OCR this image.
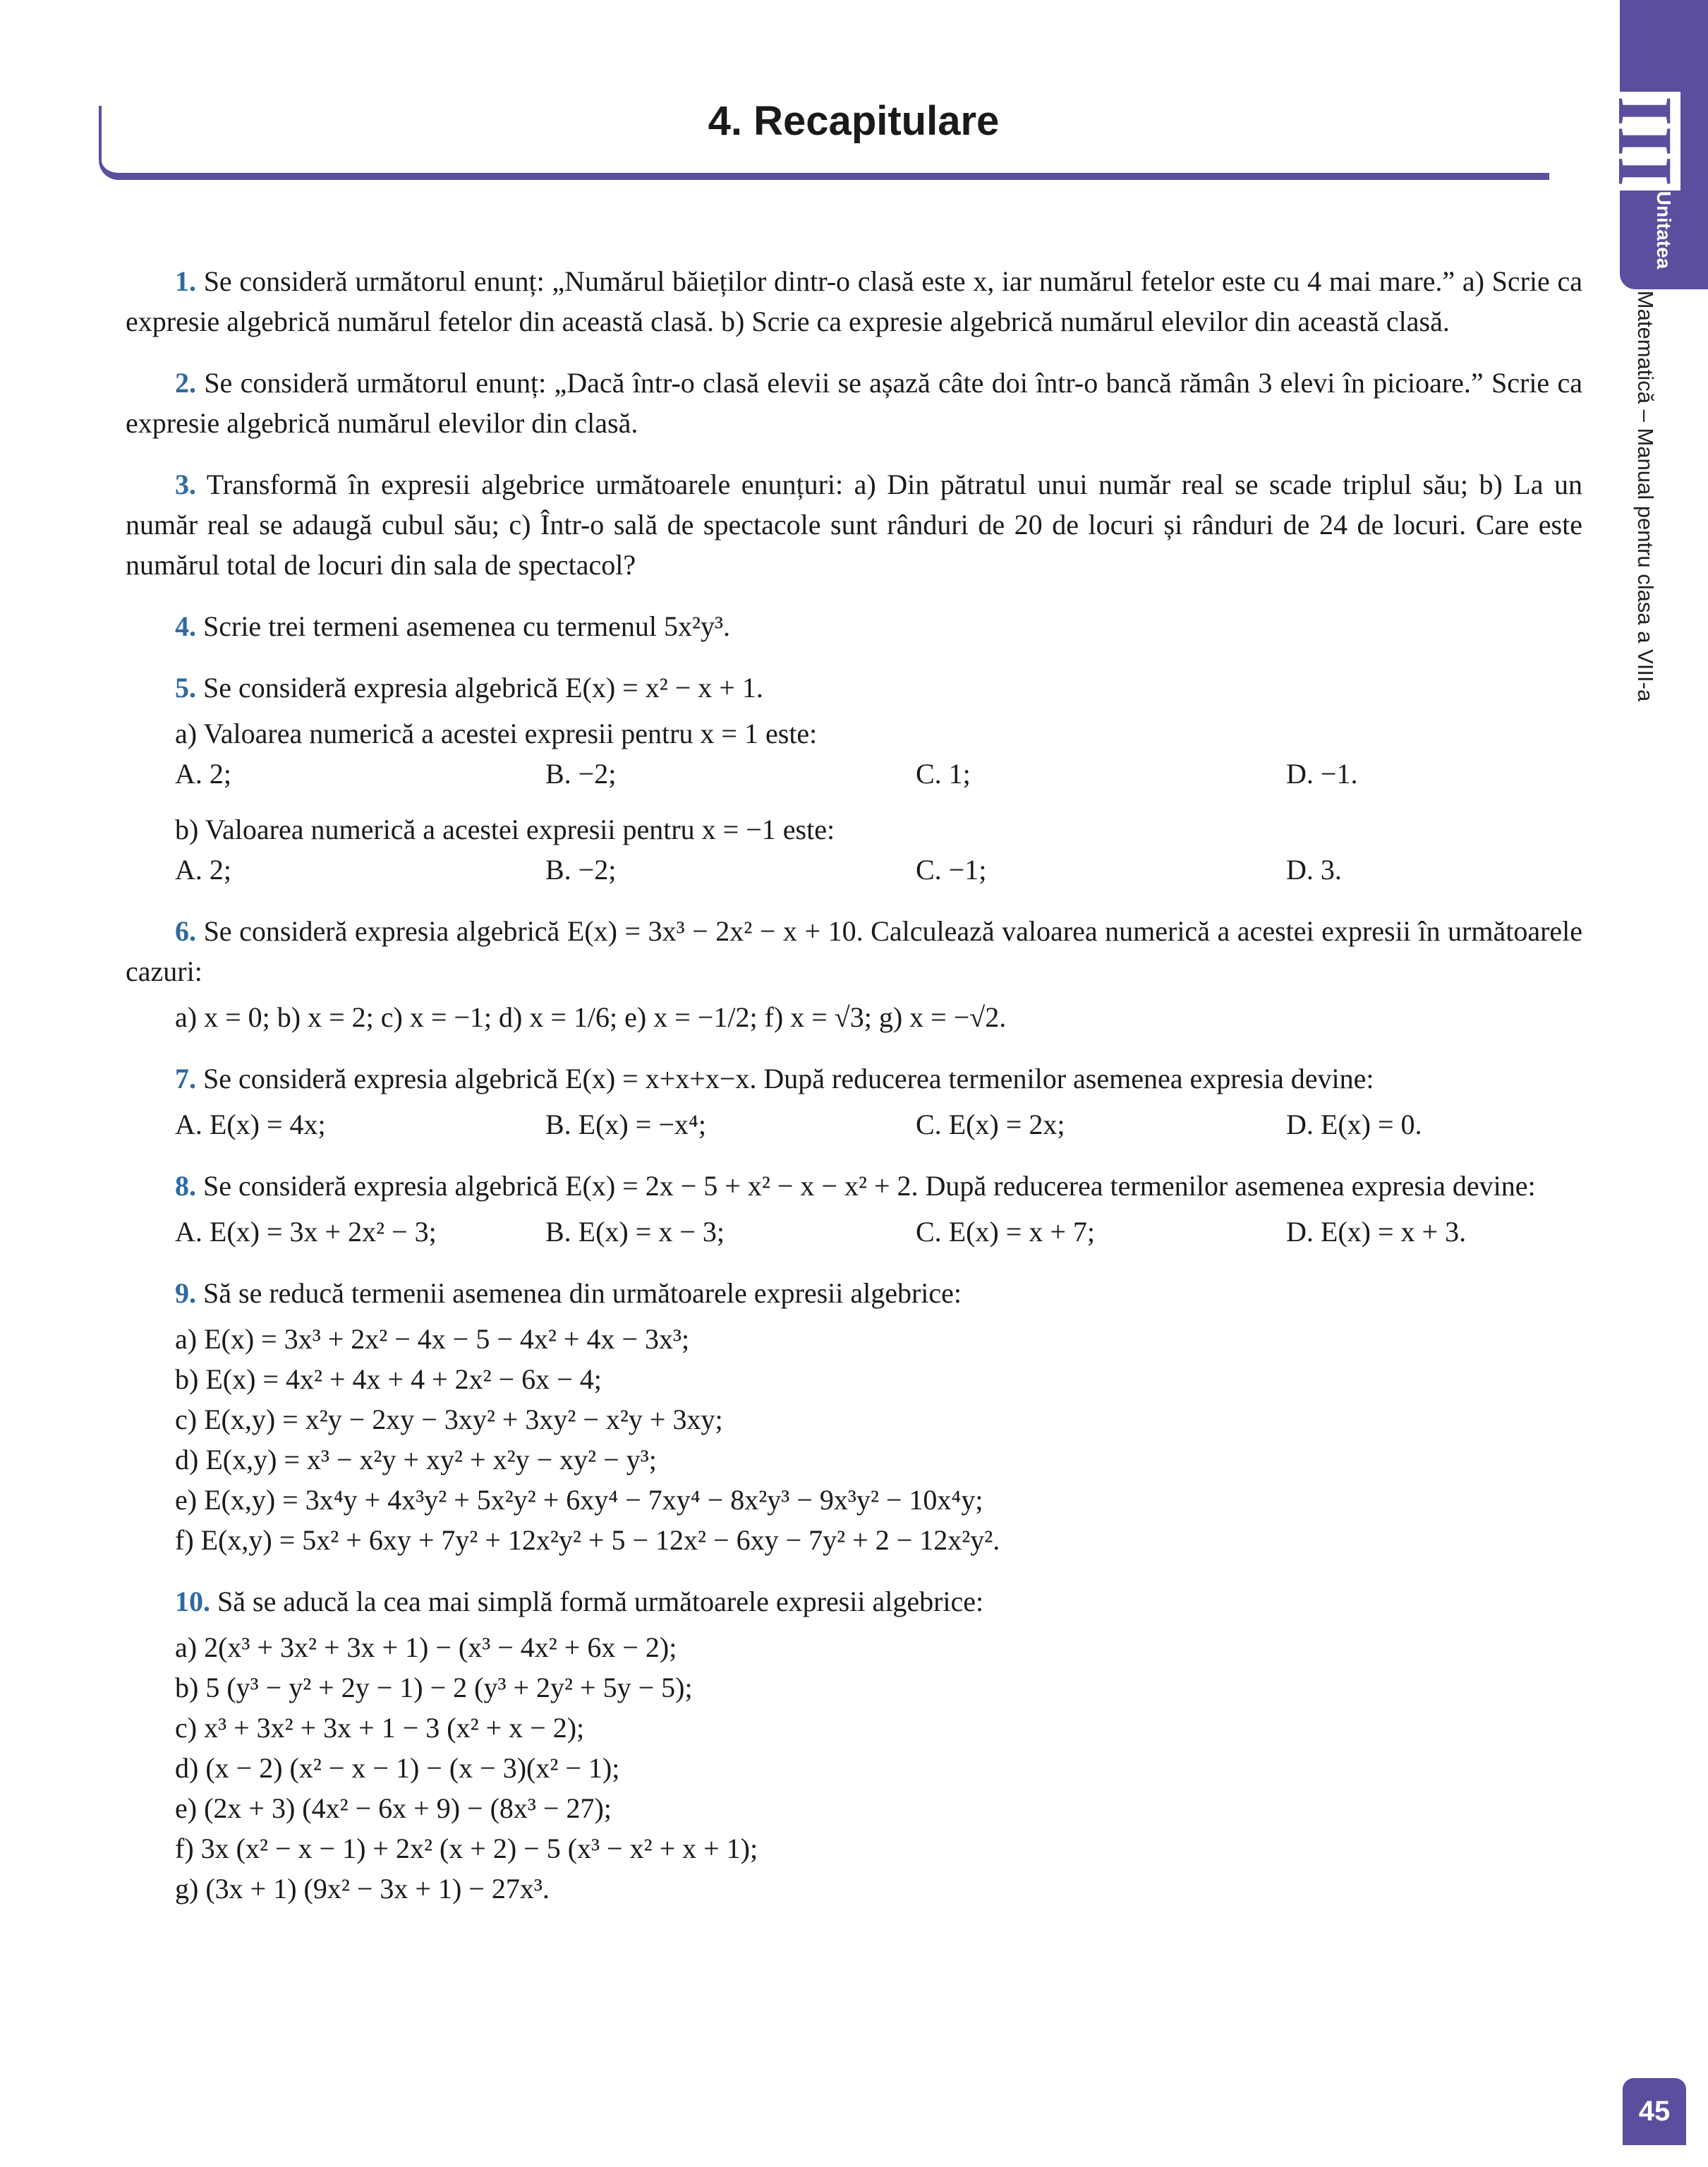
4. Recapitulare	III
Unitatea
Matematică – Manual pentru clasa a VIII-a
45

1. Se consideră următorul enunț: „Numărul băieților dintr-o clasă este x, iar numărul fetelor este cu 4 mai mare.” a) Scrie ca expresie algebrică numărul fetelor din această clasă. b) Scrie ca expresie algebrică numărul elevilor din această clasă.

2. Se consideră următorul enunț: „Dacă într-o clasă elevii se așază câte doi într-o bancă rămân 3 elevi în picioare.” Scrie ca expresie algebrică numărul elevilor din clasă.

3. Transformă în expresii algebrice următoarele enunțuri: a) Din pătratul unui număr real se scade triplul său; b) La un număr real se adaugă cubul său; c) Într-o sală de spectacole sunt rânduri de 20 de locuri și rânduri de 24 de locuri. Care este numărul total de locuri din sala de spectacol?

4. Scrie trei termeni asemenea cu termenul 5x²y³.

5. Se consideră expresia algebrică E(x) = x² − x + 1.

a) Valoarea numerică a acestei expresii pentru x = 1 este:

A. 2;	B. −2;	C. 1;	D. −1.

b) Valoarea numerică a acestei expresii pentru x = −1 este:

A. 2;	B. −2;	C. −1;	D. 3.

6. Se consideră expresia algebrică E(x) = 3x³ − 2x² − x + 10. Calculează valoarea numerică a acestei expresii în următoarele cazuri:

a) x = 0; b) x = 2; c) x = −1; d) x = 1/6; e) x = −1/2; f) x = √3; g) x = −√2.

7. Se consideră expresia algebrică E(x) = x+x+x−x. După reducerea termenilor asemenea expresia devine:

A. E(x) = 4x;	B. E(x) = −x⁴;	C. E(x) = 2x;	D. E(x) = 0.

8. Se consideră expresia algebrică E(x) = 2x − 5 + x² − x − x² + 2. După reducerea termenilor asemenea expresia devine:

A. E(x) = 3x + 2x² − 3;	B. E(x) = x − 3;	C. E(x) = x + 7;	D. E(x) = x + 3.

9. Să se reducă termenii asemenea din următoarele expresii algebrice:

a) E(x) = 3x³ + 2x² − 4x − 5 − 4x² + 4x − 3x³;

b) E(x) = 4x² + 4x + 4 + 2x² − 6x − 4;

c) E(x,y) = x²y − 2xy − 3xy² + 3xy² − x²y + 3xy;

d) E(x,y) = x³ − x²y + xy² + x²y − xy² − y³;

e) E(x,y) = 3x⁴y + 4x³y² + 5x²y² + 6xy⁴ − 7xy⁴ − 8x²y³ − 9x³y² − 10x⁴y;

f) E(x,y) = 5x² + 6xy + 7y² + 12x²y² + 5 − 12x² − 6xy − 7y² + 2 − 12x²y².

10. Să se aducă la cea mai simplă formă următoarele expresii algebrice:

a) 2(x³ + 3x² + 3x + 1) − (x³ − 4x² + 6x − 2);

b) 5 (y³ − y² + 2y − 1) − 2 (y³ + 2y² + 5y − 5);

c) x³ + 3x² + 3x + 1 − 3 (x² + x − 2);

d) (x − 2) (x² − x − 1) − (x − 3)(x² − 1);

e) (2x + 3) (4x² − 6x + 9) − (8x³ − 27);

f) 3x (x² − x − 1) + 2x² (x + 2) − 5 (x³ − x² + x + 1);

g) (3x + 1) (9x² − 3x + 1) − 27x³.
